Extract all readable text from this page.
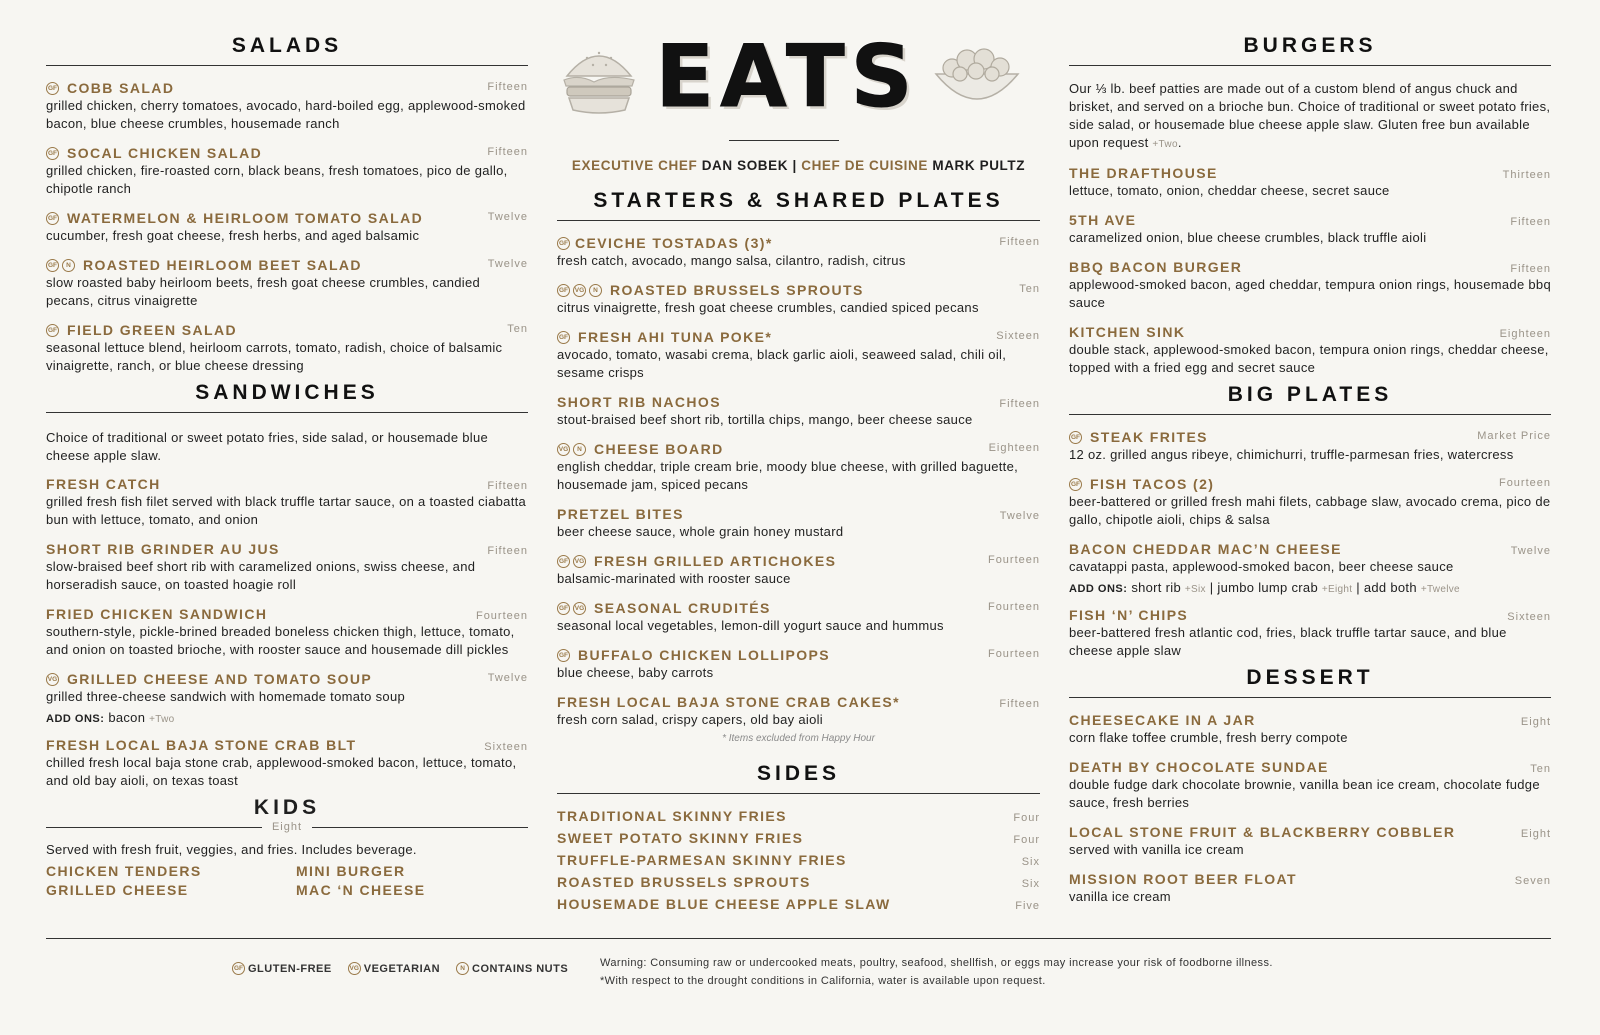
SALADS
GF COBB SALAD	Fifteen
grilled chicken, cherry tomatoes, avocado, hard-boiled egg, applewood-smoked bacon, blue cheese crumbles, housemade ranch
GF SOCAL CHICKEN SALAD	Fifteen
grilled chicken, fire-roasted corn, black beans, fresh tomatoes, pico de gallo, chipotle ranch
GF WATERMELON & HEIRLOOM TOMATO SALAD	Twelve
cucumber, fresh goat cheese, fresh herbs, and aged balsamic
GF	N ROASTED HEIRLOOM BEET SALAD	Twelve
slow roasted baby heirloom beets, fresh goat cheese crumbles, candied pecans, citrus vinaigrette
GF FIELD GREEN SALAD	Ten
seasonal lettuce blend, heirloom carrots, tomato, radish, choice of balsamic vinaigrette, ranch, or blue cheese dressing
SANDWICHES
Choice of traditional or sweet potato fries, side salad, or housemade blue cheese apple slaw.
FRESH CATCH	Fifteen
grilled fresh fish filet served with black truffle tartar sauce, on a toasted ciabatta bun with lettuce, tomato, and onion
SHORT RIB GRINDER AU JUS	Fifteen
slow-braised beef short rib with caramelized onions, swiss cheese, and horseradish sauce, on toasted hoagie roll
FRIED CHICKEN SANDWICH	Fourteen
southern-style, pickle-brined breaded boneless chicken thigh, lettuce, tomato, and onion on toasted brioche, with rooster sauce and housemade dill pickles
VG GRILLED CHEESE AND TOMATO SOUP	Twelve
grilled three-cheese sandwich with homemade tomato soup
ADD ONS: bacon +Two
FRESH LOCAL BAJA STONE CRAB BLT	Sixteen
chilled fresh local baja stone crab, applewood-smoked bacon, lettuce, tomato, and old bay aioli, on texas toast
KIDS
Eight
Served with fresh fruit, veggies, and fries. Includes beverage.
CHICKEN TENDERS	MINI BURGER
GRILLED CHEESE	MAC ‘N CHEESE
EATS
EXECUTIVE CHEF DAN SOBEK | CHEF DE CUISINE MARK PULTZ
STARTERS & SHARED PLATES
GF CEVICHE TOSTADAS (3)*	Fifteen
fresh catch, avocado, mango salsa, cilantro, radish, citrus
GF	VG	N ROASTED BRUSSELS SPROUTS	Ten
citrus vinaigrette, fresh goat cheese crumbles, candied spiced pecans
GF FRESH AHI TUNA POKE*	Sixteen
avocado, tomato, wasabi crema, black garlic aioli, seaweed salad, chili oil, sesame crisps
SHORT RIB NACHOS	Fifteen
stout-braised beef short rib, tortilla chips, mango, beer cheese sauce
VG	N CHEESE BOARD	Eighteen
english cheddar, triple cream brie, moody blue cheese, with grilled baguette, housemade jam, spiced pecans
PRETZEL BITES	Twelve
beer cheese sauce, whole grain honey mustard
GF	VG FRESH GRILLED ARTICHOKES	Fourteen
balsamic-marinated with rooster sauce
GF	VG SEASONAL CRUDITÉS	Fourteen
seasonal local vegetables, lemon-dill yogurt sauce and hummus
GF BUFFALO CHICKEN LOLLIPOPS	Fourteen
blue cheese, baby carrots
FRESH LOCAL BAJA STONE CRAB CAKES*	Fifteen
fresh corn salad, crispy capers, old bay aioli
* Items excluded from Happy Hour
SIDES
TRADITIONAL SKINNY FRIES	Four
SWEET POTATO SKINNY FRIES	Four
TRUFFLE-PARMESAN SKINNY FRIES	Six
ROASTED BRUSSELS SPROUTS	Six
HOUSEMADE BLUE CHEESE APPLE SLAW	Five
BURGERS
Our ⅓ lb. beef patties are made out of a custom blend of angus chuck and brisket, and served on a brioche bun. Choice of traditional or sweet potato fries, side salad, or housemade blue cheese apple slaw. Gluten free bun available upon request +Two.
THE DRAFTHOUSE	Thirteen
lettuce, tomato, onion, cheddar cheese, secret sauce
5TH AVE	Fifteen
caramelized onion, blue cheese crumbles, black truffle aioli
BBQ BACON BURGER	Fifteen
applewood-smoked bacon, aged cheddar, tempura onion rings, housemade bbq sauce
KITCHEN SINK	Eighteen
double stack, applewood-smoked bacon, tempura onion rings, cheddar cheese, topped with a fried egg and secret sauce
BIG PLATES
GF STEAK FRITES	Market Price
12 oz. grilled angus ribeye, chimichurri, truffle-parmesan fries, watercress
GF FISH TACOS (2)	Fourteen
beer-battered or grilled fresh mahi filets, cabbage slaw, avocado crema, pico de gallo, chipotle aioli, chips & salsa
BACON CHEDDAR MAC’N CHEESE	Twelve
cavatappi pasta, applewood-smoked bacon, beer cheese sauce
ADD ONS: short rib +Six | jumbo lump crab +Eight | add both +Twelve
FISH ‘N’ CHIPS	Sixteen
beer-battered fresh atlantic cod, fries, black truffle tartar sauce, and blue cheese apple slaw
DESSERT
CHEESECAKE IN A JAR	Eight
corn flake toffee crumble, fresh berry compote
DEATH BY CHOCOLATE SUNDAE	Ten
double fudge dark chocolate brownie, vanilla bean ice cream, chocolate fudge sauce, fresh berries
LOCAL STONE FRUIT & BLACKBERRY COBBLER	Eight
served with vanilla ice cream
MISSION ROOT BEER FLOAT	Seven
vanilla ice cream
GF GLUTEN-FREE	VG VEGETARIAN	N CONTAINS NUTS	Warning: Consuming raw or undercooked meats, poultry, seafood, shellfish, or eggs may increase your risk of foodborne illness.
*With respect to the drought conditions in California, water is available upon request.
